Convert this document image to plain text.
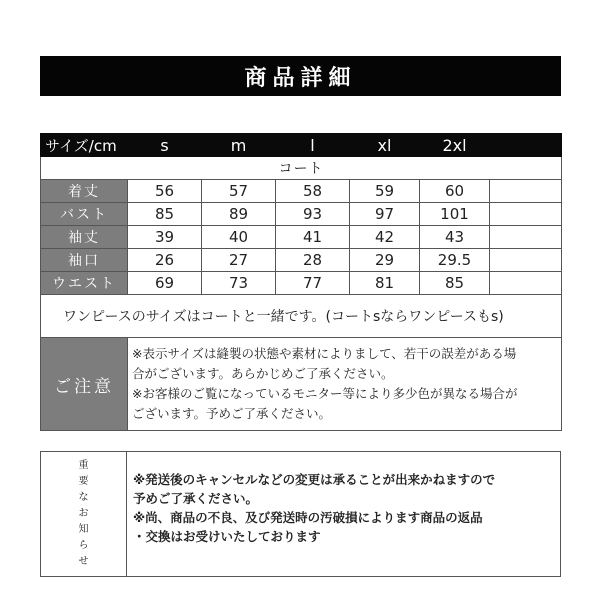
商品詳細
サイズ/cm	s	m	l	xl	2xl	
コート						
着丈	56	57	58	59	60	
バスト	85	89	93	97	101	
袖丈	39	40	41	42	43	
袖口	26	27	28	29	29.5	
ウエスト	69	73	77	81	85	
ワンピースのサイズはコートと一緒です。(コートsならワンピースもs)						
ご注意	※表示サイズは縫製の状態や素材によりまして、若干の誤差がある場
合がございます。あらかじめご了承ください。
※お客様のご覧になっているモニター等により多少色が異なる場合が
ございます。予めご了承ください。					
重
要
な
お
知
ら
せ

※発送後のキャンセルなどの変更は承ることが出来かねますので

予めご了承ください。

※尚、商品の不良、及び発送時の汚破損によります商品の返品

・交換はお受けいたしております
